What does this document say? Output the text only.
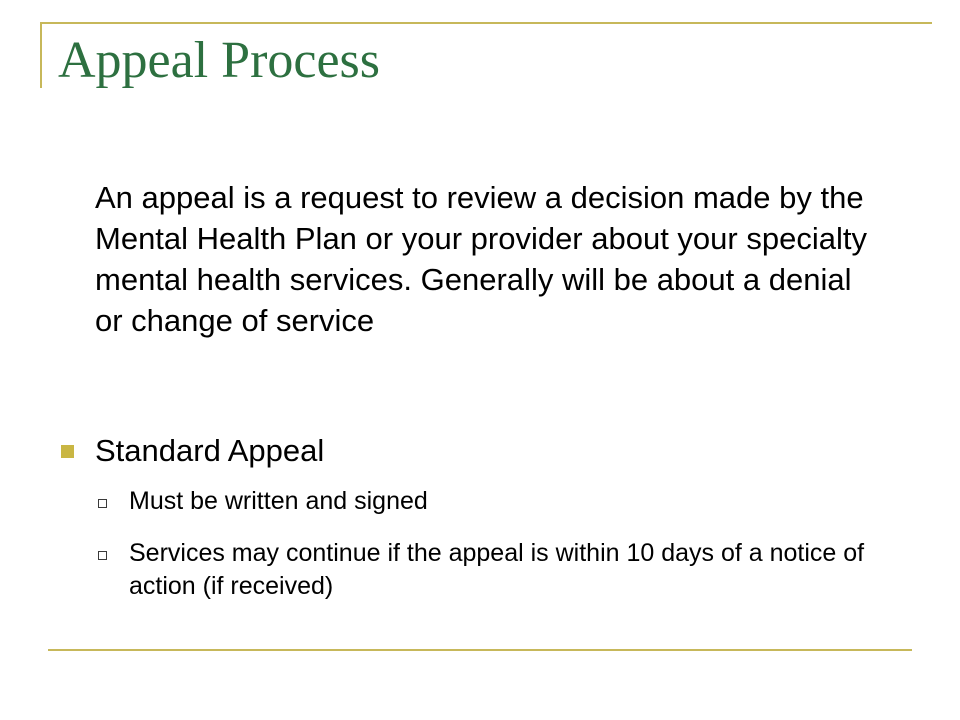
Appeal Process

An appeal is a request to review a decision made by the Mental Health Plan or your provider about your specialty mental health services. Generally will be about a denial or change of service

Standard Appeal
Must be written and signed
Services may continue if the appeal is within 10 days of a notice of action (if received)
